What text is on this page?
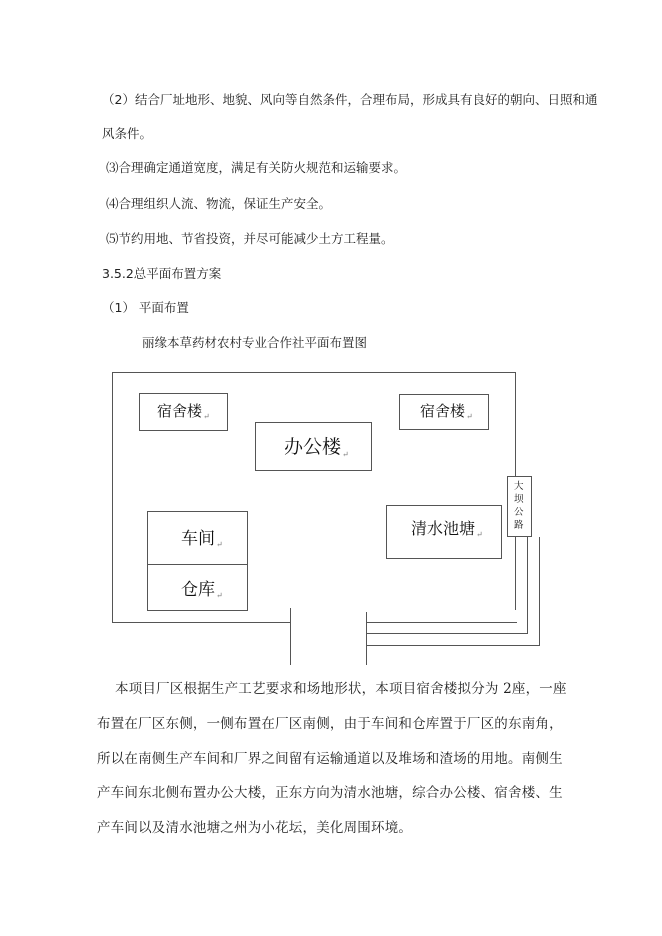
（2）结合厂址地形、地貌、风向等自然条件，合理布局，形成具有良好的朝向、日照和通
风条件。
⑶合理确定通道宽度，满足有关防火规范和运输要求。
⑷合理组织人流、物流，保证生产安全。
⑸节约用地、节省投资，并尽可能减少土方工程量。
3.5.2总平面布置方案
（1） 平面布置
丽缘本草药材农村专业合作社平面布置图
宿舍楼↵	宿舍楼↵
办公楼↵
车间↵
仓库↵
清水池塘↵
大坝公路
本项目厂区根据生产工艺要求和场地形状，本项目宿舍楼拟分为 2座，一座
布置在厂区东侧，一侧布置在厂区南侧，由于车间和仓库置于厂区的东南角，
所以在南侧生产车间和厂界之间留有运输通道以及堆场和渣场的用地。南侧生
产车间东北侧布置办公大楼，正东方向为清水池塘，综合办公楼、宿舍楼、生
产车间以及清水池塘之州为小花坛，美化周围环境。
